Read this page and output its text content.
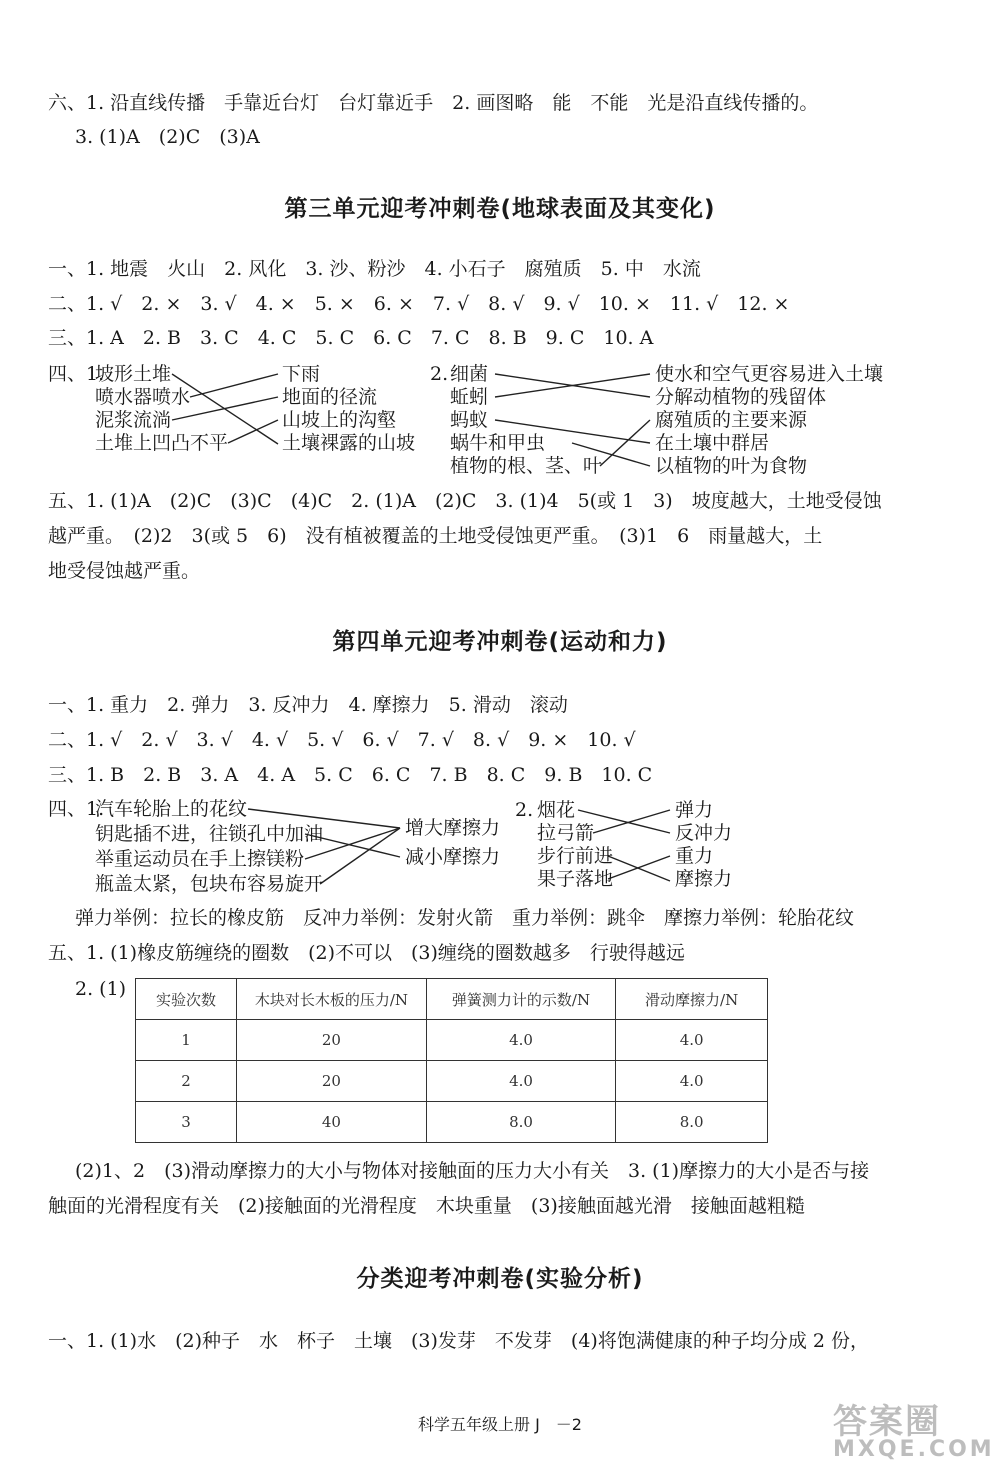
六、1. 沿直线传播　手靠近台灯　台灯靠近手　2. 画图略　能　不能　光是沿直线传播的。
3. (1)A　(2)C　(3)A
第三单元迎考冲刺卷(地球表面及其变化)
一、1. 地震　火山　2. 风化　3. 沙、粉沙　4. 小石子　腐殖质　5. 中　水流
二、1. √　2. ×　3. √　4. ×　5. ×　6. ×　7. √　8. √　9. √　10. ×　11. √　12. ×
三、1. A　2. B　3. C　4. C　5. C　6. C　7. C　8. B　9. C　10. A
四、1.
坡形土堆
喷水器喷水
泥浆流淌
土堆上凹凸不平
下雨
地面的径流
山坡上的沟壑
土壤裸露的山坡
2. 细菌
蚯蚓
蚂蚁
蜗牛和甲虫
植物的根、茎、叶
使水和空气更容易进入土壤
分解动植物的残留体
腐殖质的主要来源
在土壤中群居
以植物的叶为食物
五、1. (1)A　(2)C　(3)C　(4)C　2. (1)A　(2)C　3. (1)4　5(或 1　3)　坡度越大，土地受侵蚀
越严重。　(2)2　3(或 5　6)　没有植被覆盖的土地受侵蚀更严重。　(3)1　6　雨量越大，土
地受侵蚀越严重。
第四单元迎考冲刺卷(运动和力)
一、1. 重力　2. 弹力　3. 反冲力　4. 摩擦力　5. 滑动　滚动
二、1. √　2. √　3. √　4. √　5. √　6. √　7. √　8. √　9. ×　10. √
三、1. B　2. B　3. A　4. A　5. C　6. C　7. B　8. C　9. B　10. C
四、1.
汽车轮胎上的花纹
钥匙插不进，往锁孔中加油
举重运动员在手上擦镁粉
瓶盖太紧，包块布容易旋开
增大摩擦力
减小摩擦力
2. 烟花
拉弓箭
步行前进
果子落地
弹力
反冲力
重力
摩擦力
弹力举例：拉长的橡皮筋　反冲力举例：发射火箭　重力举例：跳伞　摩擦力举例：轮胎花纹
五、1. (1)橡皮筋缠绕的圈数　(2)不可以　(3)缠绕的圈数越多　行驶得越远
2. (1) 实验次数	木块对长木板的压力/N	弹簧测力计的示数/N	滑动摩擦力/N
1	20	4.0	4.0
2	20	4.0	4.0
3	40	8.0	8.0
(2)1、2　(3)滑动摩擦力的大小与物体对接触面的压力大小有关　3. (1)摩擦力的大小是否与接
触面的光滑程度有关　(2)接触面的光滑程度　木块重量　(3)接触面越光滑　接触面越粗糙
分类迎考冲刺卷(实验分析)
一、1. (1)水　(2)种子　水　杯子　土壤　(3)发芽　不发芽　(4)将饱满健康的种子均分成 2 份，
科学五年级上册 J　－2	答案圈
MXQE.COM
